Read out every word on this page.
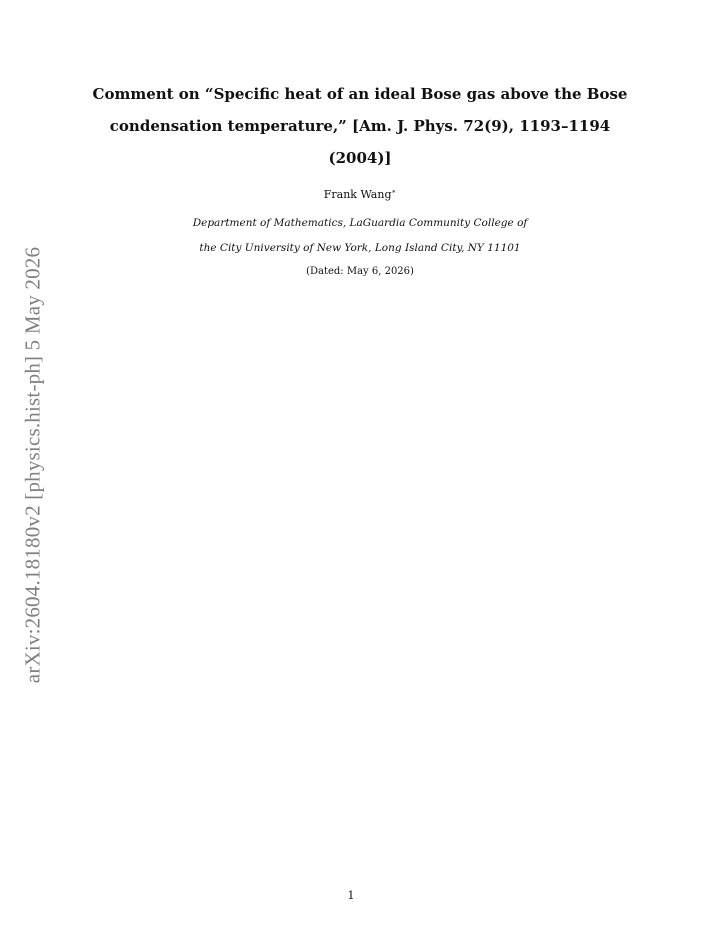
arXiv:2604.18180v2 [physics.hist-ph] 5 May 2026
Comment on “Specific heat of an ideal Bose gas above the Bose
condensation temperature,” [Am. J. Phys. 72(9), 1193–1194
(2004)]
Frank Wang∗
Department of Mathematics, LaGuardia Community College of
the City University of New York, Long Island City, NY 11101
(Dated: May 6, 2026)
1
